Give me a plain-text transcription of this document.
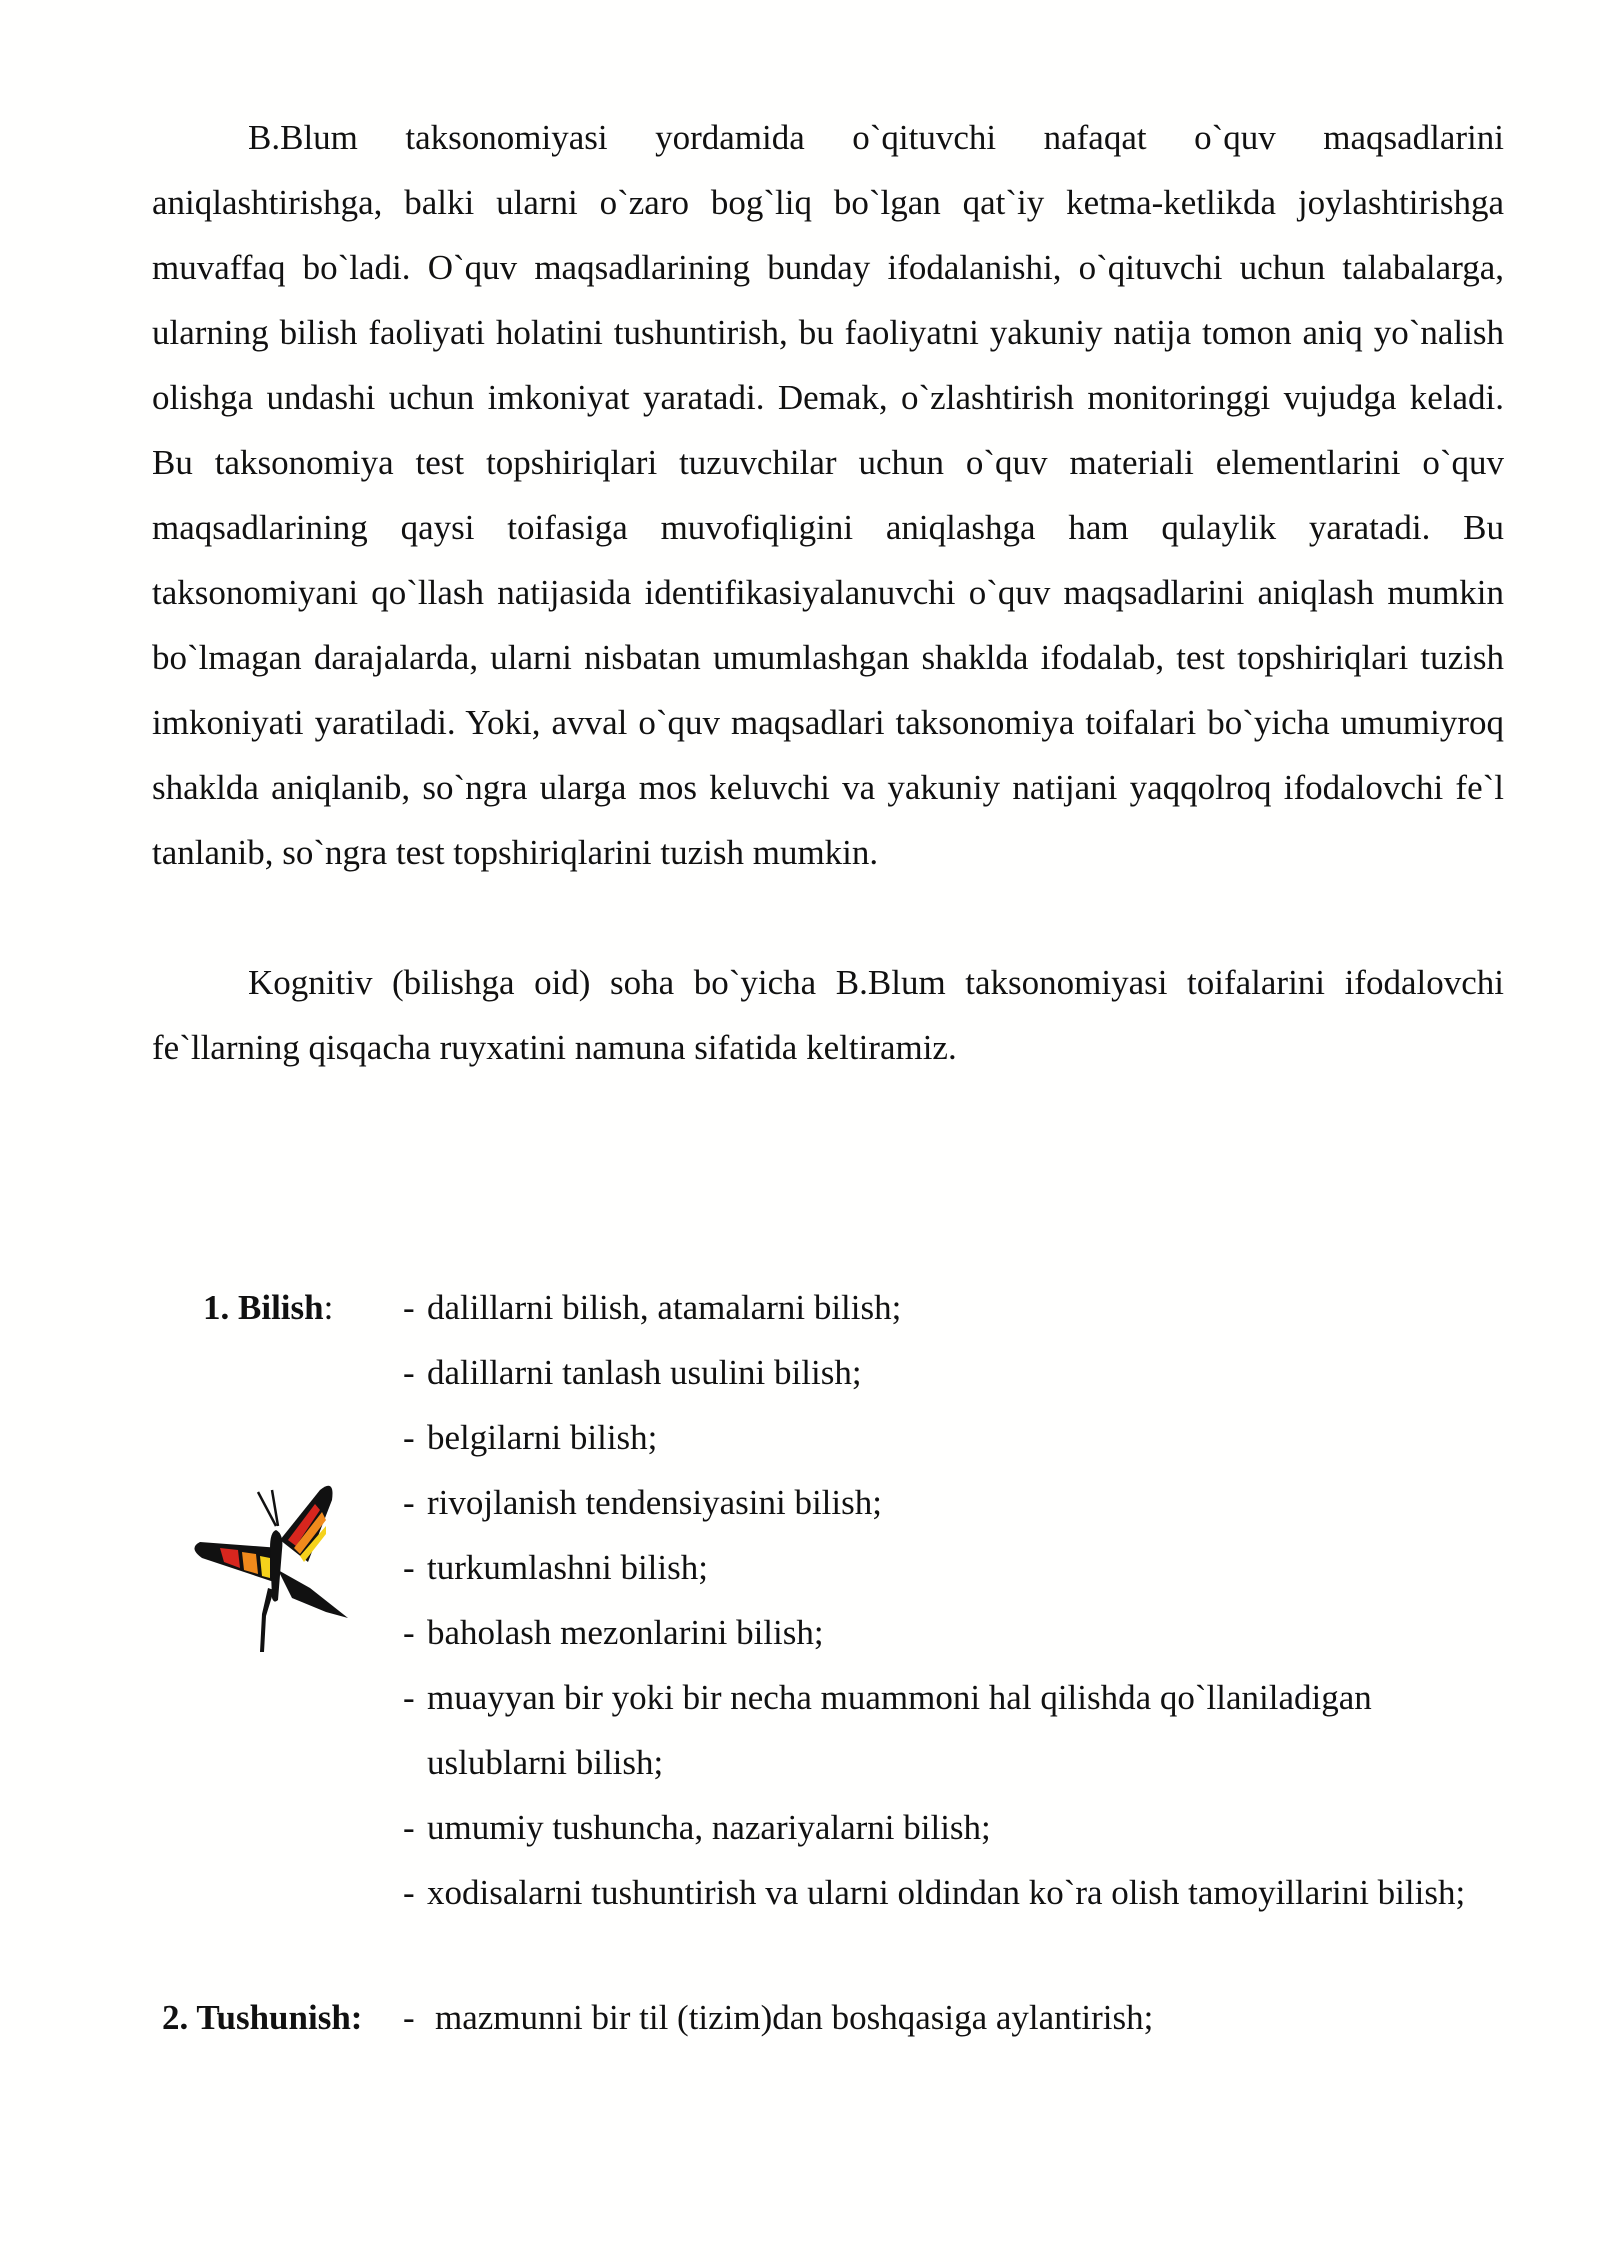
B.Blum taksonomiyasi yordamida o`qituvchi nafaqat o`quv maqsadlarini aniqlashtirishga, balki ularni o`zaro bog`liq bo`lgan qat`iy ketma-ketlikda joylashtirishga muvaffaq bo`ladi. O`quv maqsadlarining bunday ifodalanishi, o`qituvchi uchun talabalarga, ularning bilish faoliyati holatini tushuntirish, bu faoliyatni yakuniy natija tomon aniq yo`nalish olishga undashi uchun imkoniyat yaratadi. Demak, o`zlashtirish monitoringgi vujudga keladi. Bu taksonomiya test topshiriqlari tuzuvchilar uchun o`quv materiali elementlarini o`quv maqsadlarining qaysi toifasiga muvofiqligini aniqlashga ham qulaylik yaratadi. Bu taksonomiyani qo`llash natijasida identifikasiyalanuvchi o`quv maqsadlarini aniqlash mumkin bo`lmagan darajalarda, ularni nisbatan umumlashgan shaklda ifodalab, test topshiriqlari tuzish imkoniyati yaratiladi. Yoki, avval o`quv maqsadlari taksonomiya toifalari bo`yicha umumiyroq shaklda aniqlanib, so`ngra ularga mos keluvchi va yakuniy natijani yaqqolroq ifodalovchi fe`l tanlanib, so`ngra test topshiriqlarini tuzish mumkin.

Kognitiv (bilishga oid) soha bo`yicha B.Blum taksonomiyasi toifalarini ifodalovchi fe`llarning qisqacha ruyxatini namuna sifatida keltiramiz.

1. Bilish: - dalillarni bilish, atamalarni bilish;
- dalillarni tanlash usulini bilish;
- belgilarni bilish;
- rivojlanish tendensiyasini bilish;
- turkumlashni bilish;
- baholash mezonlarini bilish;
- muayyan bir yoki bir necha muammoni hal qilishda qo`llaniladigan uslublarni bilish;
- umumiy tushuncha, nazariyalarni bilish;
- xodisalarni tushuntirish va ularni oldindan ko`ra olish tamoyillarini bilish;
2. Tushunish: - mazmunni bir til (tizim)dan boshqasiga aylantirish;
